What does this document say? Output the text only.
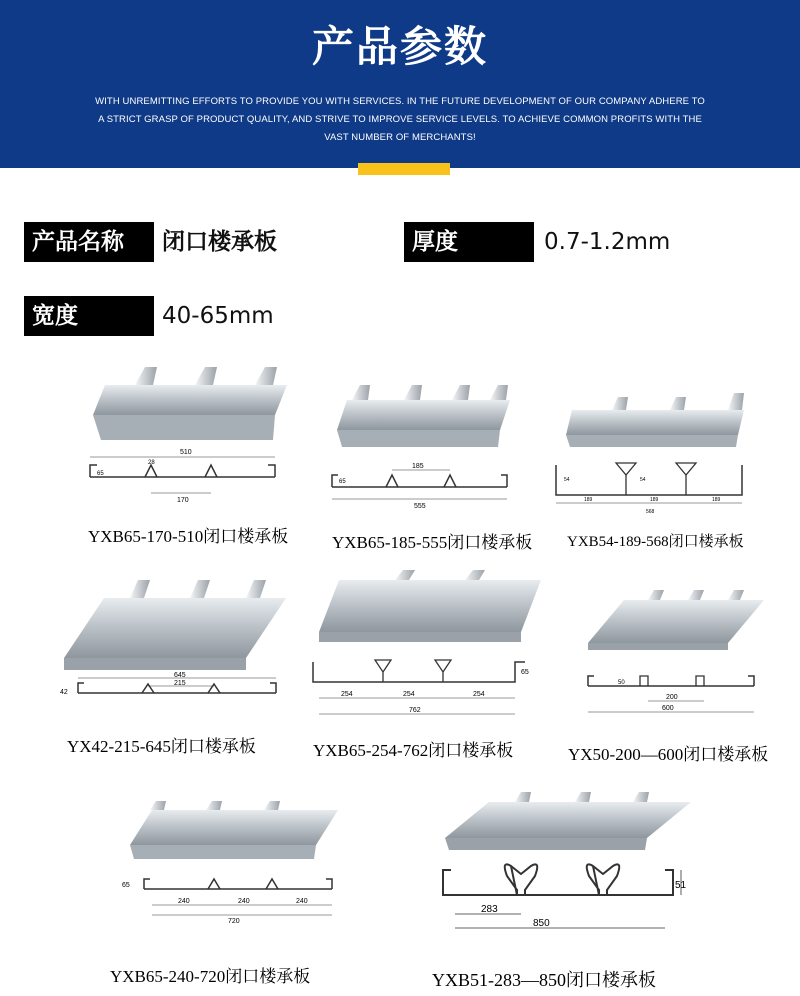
产品参数
WITH UNREMITTING EFFORTS TO PROVIDE YOU WITH SERVICES. IN THE FUTURE DEVELOPMENT OF OUR COMPANY ADHERE TO A STRICT GRASP OF PRODUCT QUALITY, AND STRIVE TO IMPROVE SERVICE LEVELS. TO ACHIEVE COMMON PROFITS WITH THE VAST NUMBER OF MERCHANTS!
产品名称	闭口楼承板	厚度	0.7-1.2mm
宽度	40-65mm
510
28
65
170
YXB65-170-510闭口楼承板
185
65
555
YXB65-185-555闭口楼承板
54	54
189	189	189
568
YXB54-189-568闭口楼承板
645
215
42
YX42-215-645闭口楼承板
65
254	254	254
762
YXB65-254-762闭口楼承板
50
200
600
YX50-200—600闭口楼承板
65
240	240	240
720
YXB65-240-720闭口楼承板
51
283
850
YXB51-283—850闭口楼承板
